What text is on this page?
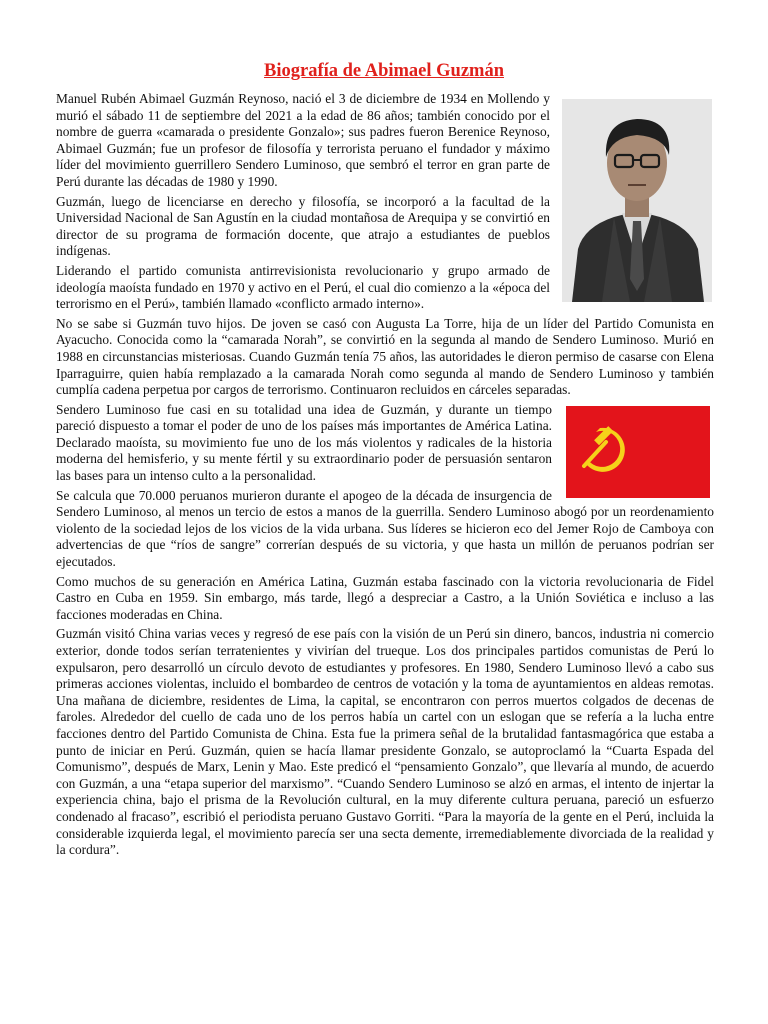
Biografía de Abimael Guzmán

Manuel Rubén Abimael Guzmán Reynoso, nació el 3 de diciembre de 1934 en Mollendo y murió el sábado 11 de septiembre del 2021 a la edad de 86 años; también conocido por el nombre de guerra «camarada o presidente Gonzalo»; sus padres fueron Berenice Reynoso, Abimael Guzmán; fue un profesor de filosofía y terrorista peruano el fundador y máximo líder del movimiento guerrillero Sendero Luminoso, que sembró el terror en gran parte de Perú durante las décadas de 1980 y 1990.

Guzmán, luego de licenciarse en derecho y filosofía, se incorporó a la facultad de la Universidad Nacional de San Agustín en la ciudad montañosa de Arequipa y se convirtió en director de su programa de formación docente, que atrajo a estudiantes de pueblos indígenas.

Liderando el partido comunista antirrevisionista revolucionario y grupo armado de ideología maoísta fundado en 1970 y activo en el Perú, el cual dio comienzo a la «época del terrorismo en el Perú», también llamado «conflicto armado interno».

No se sabe si Guzmán tuvo hijos. De joven se casó con Augusta La Torre, hija de un líder del Partido Comunista en Ayacucho. Conocida como la “camarada Norah”, se convirtió en la segunda al mando de Sendero Luminoso. Murió en 1988 en circunstancias misteriosas. Cuando Guzmán tenía 75 años, las autoridades le dieron permiso de casarse con Elena Iparraguirre, quien había remplazado a la camarada Norah como segunda al mando de Sendero Luminoso y también cumplía cadena perpetua por cargos de terrorismo. Continuaron recluidos en cárceles separadas.

Sendero Luminoso fue casi en su totalidad una idea de Guzmán, y durante un tiempo pareció dispuesto a tomar el poder de uno de los países más importantes de América Latina. Declarado maoísta, su movimiento fue uno de los más violentos y radicales de la historia moderna del hemisferio, y su mente fértil y su extraordinario poder de persuasión sentaron las bases para un intenso culto a la personalidad.

Se calcula que 70.000 peruanos murieron durante el apogeo de la década de insurgencia de Sendero Luminoso, al menos un tercio de estos a manos de la guerrilla. Sendero Luminoso abogó por un reordenamiento violento de la sociedad lejos de los vicios de la vida urbana. Sus líderes se hicieron eco del Jemer Rojo de Camboya con advertencias de que “ríos de sangre” correrían después de su victoria, y que hasta un millón de peruanos podrían ser ejecutados.

Como muchos de su generación en América Latina, Guzmán estaba fascinado con la victoria revolucionaria de Fidel Castro en Cuba en 1959. Sin embargo, más tarde, llegó a despreciar a Castro, a la Unión Soviética e incluso a las facciones moderadas en China.

Guzmán visitó China varias veces y regresó de ese país con la visión de un Perú sin dinero, bancos, industria ni comercio exterior, donde todos serían terratenientes y vivirían del trueque. Los dos principales partidos comunistas de Perú lo expulsaron, pero desarrolló un círculo devoto de estudiantes y profesores. En 1980, Sendero Luminoso llevó a cabo sus primeras acciones violentas, incluido el bombardeo de centros de votación y la toma de ayuntamientos en aldeas remotas. Una mañana de diciembre, residentes de Lima, la capital, se encontraron con perros muertos colgados de decenas de faroles. Alrededor del cuello de cada uno de los perros había un cartel con un eslogan que se refería a la lucha entre facciones dentro del Partido Comunista de China. Esta fue la primera señal de la brutalidad fantasmagórica que estaba a punto de iniciar en Perú. Guzmán, quien se hacía llamar presidente Gonzalo, se autoproclamó la “Cuarta Espada del Comunismo”, después de Marx, Lenin y Mao. Este predicó el “pensamiento Gonzalo”, que llevaría al mundo, de acuerdo con Guzmán, a una “etapa superior del marxismo”. “Cuando Sendero Luminoso se alzó en armas, el intento de injertar la experiencia china, bajo el prisma de la Revolución cultural, en la muy diferente cultura peruana, pareció un esfuerzo condenado al fracaso”, escribió el periodista peruano Gustavo Gorriti. “Para la mayoría de la gente en el Perú, incluida la considerable izquierda legal, el movimiento parecía ser una secta demente, irremediablemente divorciada de la realidad y la cordura”.
